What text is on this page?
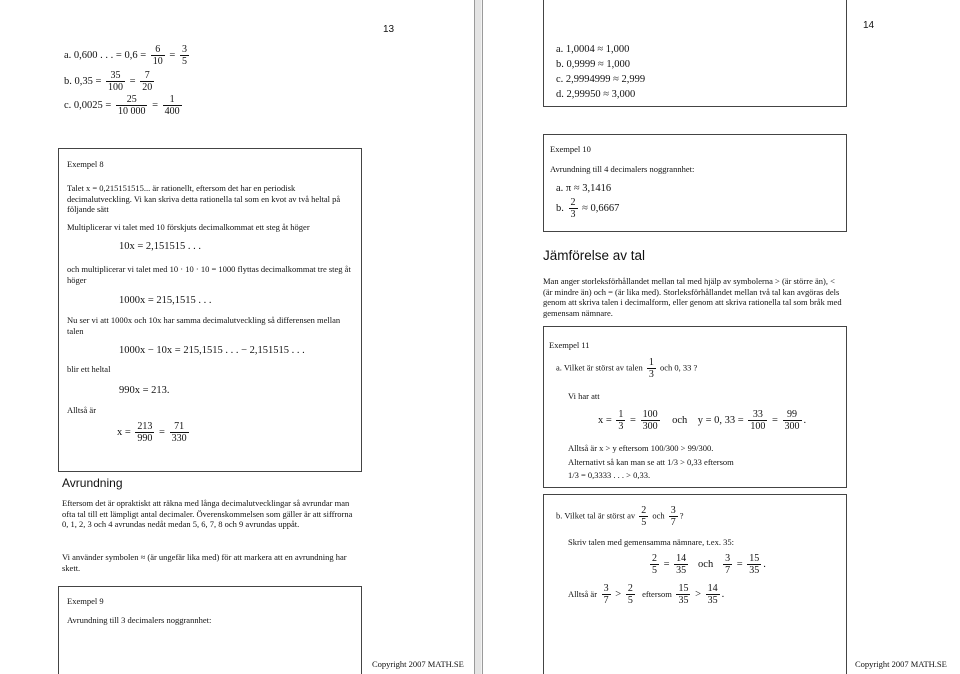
13
a. 0,600 . . . = $0,6 = \frac{6}{10} = \frac{3}{5}$
b. $0,35 = \frac{35}{100} = \frac{7}{20}$
c. $0,0025 = \frac{25}{10 000} = \frac{1}{400}$
Exempel 8
Talet x = 0,215151515... är rationellt, eftersom det har en periodisk decimalutveckling. Vi kan skriva detta rationella tal som en kvot av två heltal på följande sätt
Multiplicerar vi talet med 10 förskjuts decimalkommat ett steg åt höger
10x = 2,151515 . . .
och multiplicerar vi talet med 10 · 10 · 10 = 1000 flyttas decimalkommat tre steg åt höger
1000x = 215,1515 . . .
Nu ser vi att 1000x och 10x har samma decimalutveckling så differensen mellan talen
1000x − 10x = 215,1515 . . . − 2,151515 . . .
blir ett heltal
990x = 213.
Alltså är
$x = \frac{213}{990} = \frac{71}{330}$
Avrundning
Eftersom det är opraktiskt att räkna med långa decimalutvecklingar så avrundar man ofta tal till ett lämpligt antal decimaler. Överenskommelsen som gäller är att siffrorna 0, 1, 2, 3 och 4 avrundas nedåt medan 5, 6, 7, 8 och 9 avrundas uppåt.
Vi använder symbolen ≈ (är ungefär lika med) för att markera att en avrundning har skett.
Exempel 9
Avrundning till 3 decimalers noggrannhet:
Copyright 2007 MATH.SE
14
a. 1,0004 ≈ 1,000
b. 0,9999 ≈ 1,000
c. 2,9994999 ≈ 2,999
d. 2,99950 ≈ 3,000
Exempel 10
Avrundning till 4 decimalers noggrannhet:
a. π ≈ 3,1416
b. $\frac{2}{3} \approx 0,6667$
Jämförelse av tal
Man anger storleksförhållandet mellan tal med hjälp av symbolerna > (är större än), < (är mindre än) och = (är lika med). Storleksförhållandet mellan två tal kan avgöras dels genom att skriva talen i decimalform, eller genom att skriva rationella tal som bråk med gemensam nämnare.
Exempel 11
a. Vilket är störst av talen $\frac{1}{3}$ och 0, 33 ?
Vi har att
$x = \frac{1}{3} = \frac{100}{300}$ och y = 0, $33 = \frac{33}{100} = \frac{99}{300}$ .
Alltså är x > y eftersom 100/300 > 99/300.
Alternativt så kan man se att 1/3 > 0,33 eftersom
1/3 = 0,3333 . . . > 0,33.
b. Vilket tal är störst av $\frac{2}{5}$ och $\frac{3}{7}$ ?
Skriv talen med gemensamma nämnare, t.ex. 35:
$\frac{2}{5} = \frac{14}{35}$ och $\frac{3}{7} = \frac{15}{35}$ .
Alltså är $\frac{3}{7} > \frac{2}{5}$ eftersom $\frac{15}{35} > \frac{14}{35}$ .
Copyright 2007 MATH.SE
